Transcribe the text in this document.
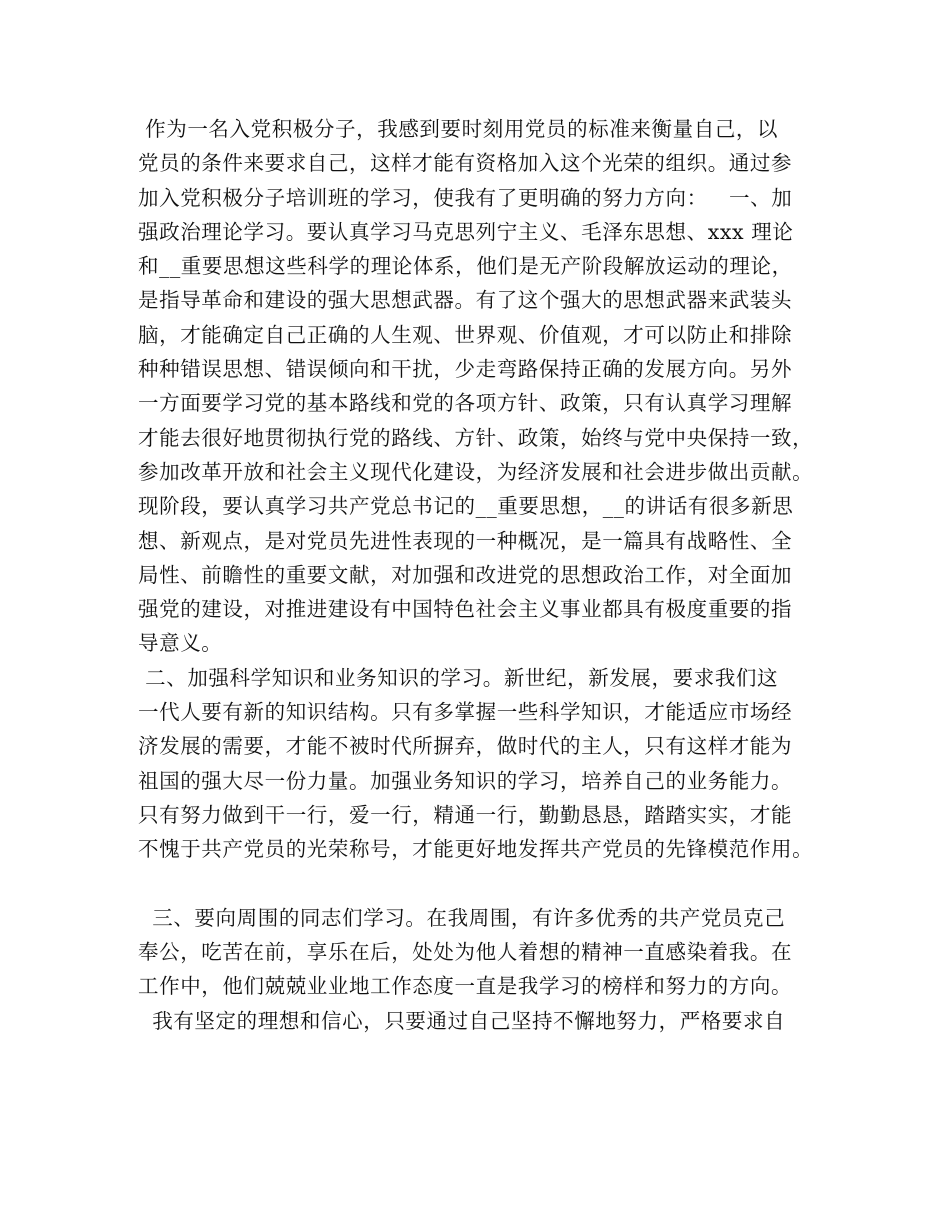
作为一名入党积极分子，我感到要时刻用党员的标准来衡量自己，以
党员的条件来要求自己，这样才能有资格加入这个光荣的组织。通过参
加入党积极分子培训班的学习，使我有了更明确的努力方向：   一、加
强政治理论学习。要认真学习马克思列宁主义、毛泽东思想、xxx 理论
和__重要思想这些科学的理论体系，他们是无产阶段解放运动的理论，
是指导革命和建设的强大思想武器。有了这个强大的思想武器来武装头
脑，才能确定自己正确的人生观、世界观、价值观，才可以防止和排除
种种错误思想、错误倾向和干扰，少走弯路保持正确的发展方向。另外
一方面要学习党的基本路线和党的各项方针、政策，只有认真学习理解
才能去很好地贯彻执行党的路线、方针、政策，始终与党中央保持一致，
参加改革开放和社会主义现代化建设，为经济发展和社会进步做出贡献。
现阶段，要认真学习共产党总书记的__重要思想，__的讲话有很多新思
想、新观点，是对党员先进性表现的一种概况，是一篇具有战略性、全
局性、前瞻性的重要文献，对加强和改进党的思想政治工作，对全面加
强党的建设，对推进建设有中国特色社会主义事业都具有极度重要的指
导意义。
二、加强科学知识和业务知识的学习。新世纪，新发展，要求我们这
一代人要有新的知识结构。只有多掌握一些科学知识，才能适应市场经
济发展的需要，才能不被时代所摒弃，做时代的主人，只有这样才能为
祖国的强大尽一份力量。加强业务知识的学习，培养自己的业务能力。
只有努力做到干一行，爱一行，精通一行，勤勤恳恳，踏踏实实，才能
不愧于共产党员的光荣称号，才能更好地发挥共产党员的先锋模范作用。
三、要向周围的同志们学习。在我周围，有许多优秀的共产党员克己
奉公，吃苦在前，享乐在后，处处为他人着想的精神一直感染着我。在
工作中，他们兢兢业业地工作态度一直是我学习的榜样和努力的方向。
我有坚定的理想和信心，只要通过自己坚持不懈地努力，严格要求自
